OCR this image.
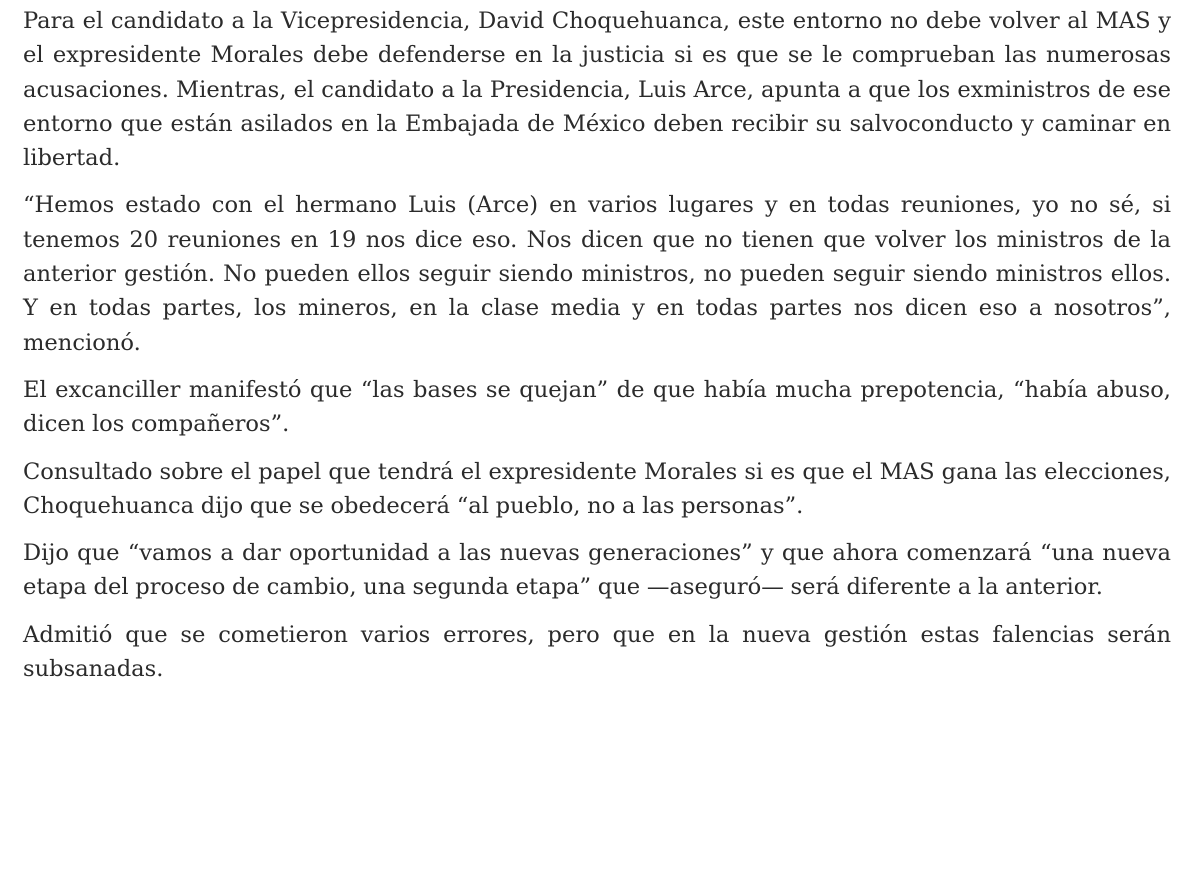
Para el candidato a la Vicepresidencia, David Choquehuanca, este entorno no debe volver al MAS y el expresidente Morales debe defenderse en la justicia si es que se le comprueban las numerosas acusaciones. Mientras, el candidato a la Presidencia, Luis Arce, apunta a que los exministros de ese entorno que están asilados en la Embajada de México deben recibir su salvoconducto y caminar en libertad.

“Hemos estado con el hermano Luis (Arce) en varios lugares y en todas reuniones, yo no sé, si tenemos 20 reuniones en 19 nos dice eso. Nos dicen que no tienen que volver los ministros de la anterior gestión. No pueden ellos seguir siendo ministros, no pueden seguir siendo ministros ellos. Y en todas partes, los mineros, en la clase media y en todas partes nos dicen eso a nosotros”, mencionó.

El excanciller manifestó que “las bases se quejan” de que había mucha prepotencia, “había abuso, dicen los compañeros”.

Consultado sobre el papel que tendrá el expresidente Morales si es que el MAS gana las elecciones, Choquehuanca dijo que se obedecerá “al pueblo, no a las personas”.

Dijo que “vamos a dar oportunidad a las nuevas generaciones” y que ahora comenzará “una nueva etapa del proceso de cambio, una segunda etapa” que —aseguró— será diferente a la anterior.

Admitió que se cometieron varios errores, pero que en la nueva gestión estas falencias serán subsanadas.
